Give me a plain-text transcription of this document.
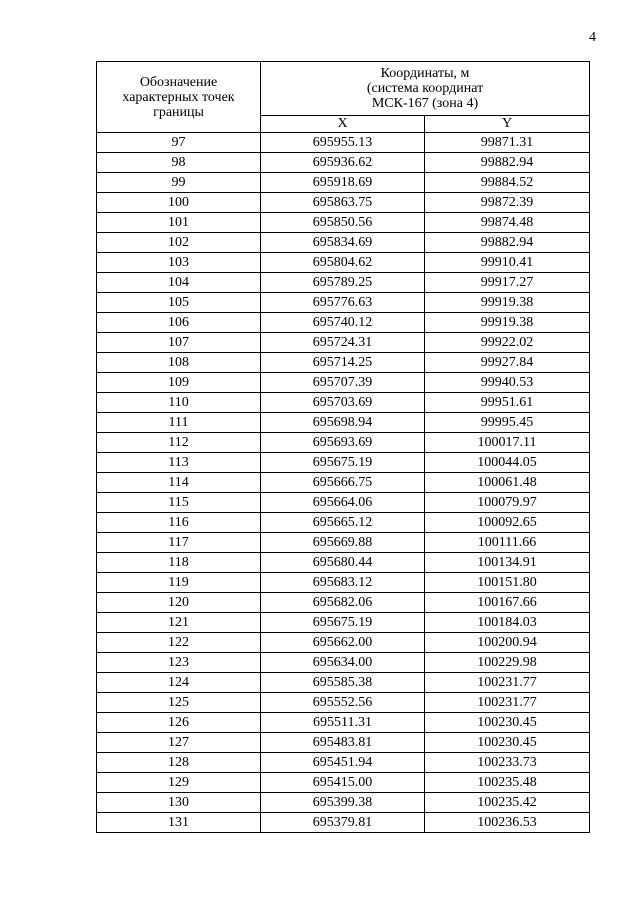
4
Обозначение
характерных точек
границы	Координаты, м
(система координат
МСК-167 (зона 4)	

	X	Y
97	695955.13	99871.31
98	695936.62	99882.94
99	695918.69	99884.52
100	695863.75	99872.39
101	695850.56	99874.48
102	695834.69	99882.94
103	695804.62	99910.41
104	695789.25	99917.27
105	695776.63	99919.38
106	695740.12	99919.38
107	695724.31	99922.02
108	695714.25	99927.84
109	695707.39	99940.53
110	695703.69	99951.61
111	695698.94	99995.45
112	695693.69	100017.11
113	695675.19	100044.05
114	695666.75	100061.48
115	695664.06	100079.97
116	695665.12	100092.65
117	695669.88	100111.66
118	695680.44	100134.91
119	695683.12	100151.80
120	695682.06	100167.66
121	695675.19	100184.03
122	695662.00	100200.94
123	695634.00	100229.98
124	695585.38	100231.77
125	695552.56	100231.77
126	695511.31	100230.45
127	695483.81	100230.45
128	695451.94	100233.73
129	695415.00	100235.48
130	695399.38	100235.42
131	695379.81	100236.53
